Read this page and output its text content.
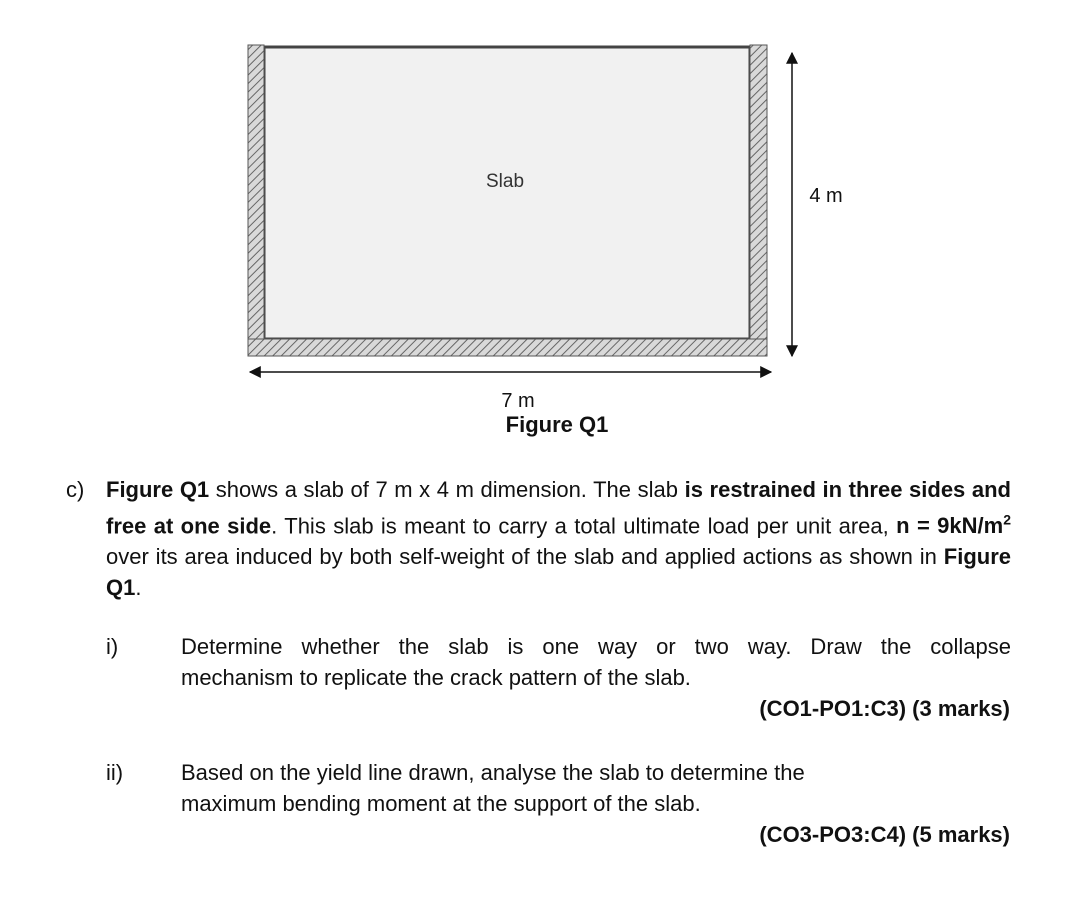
Slab
4 m
7 m
Figure Q1
c) Figure Q1 shows a slab of 7 m x 4 m dimension. The slab is restrained in three sides and free at one side. This slab is meant to carry a total ultimate load per unit area, $n = 9kN/m^2$ over its area induced by both self-weight of the slab and applied actions as shown in Figure Q1.
i)	Determine whether the slab is one way or two way. Draw the collapse
mechanism to replicate the crack pattern of the slab.
(CO1-PO1:C3) (3 marks)
ii)	Based on the yield line drawn, analyse the slab to determine the
maximum bending moment at the support of the slab.
(CO3-PO3:C4) (5 marks)
